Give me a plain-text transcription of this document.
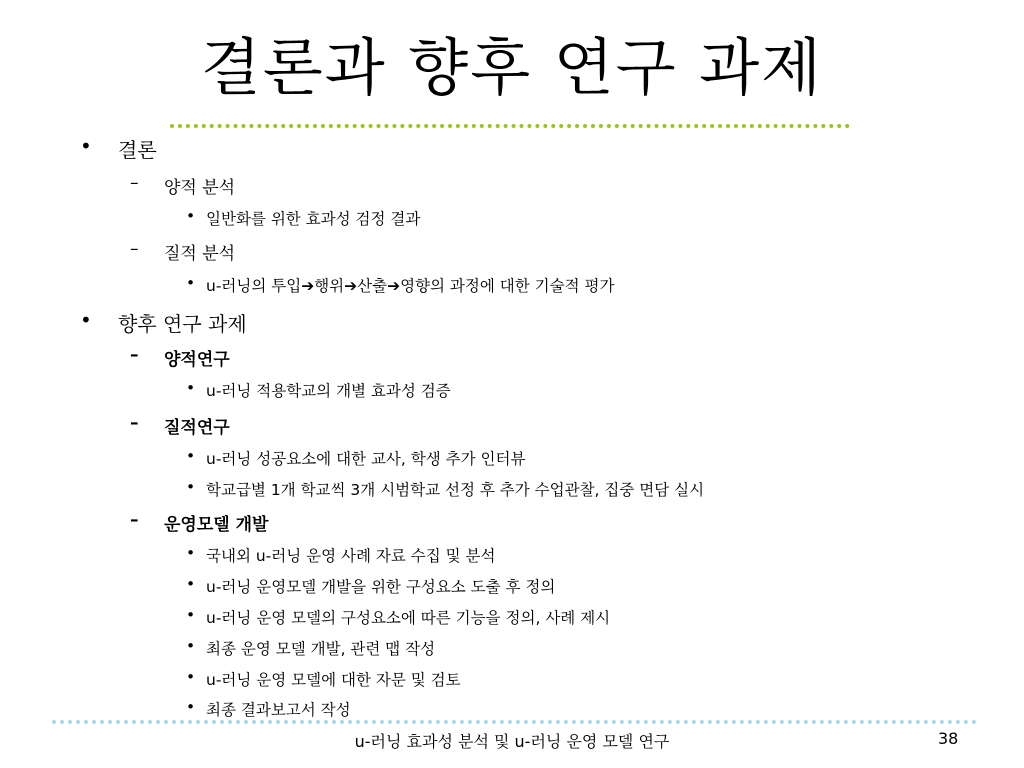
결론과 향후 연구 과제
• 결론
– 양적 분석
• 일반화를 위한 효과성 검정 결과
– 질적 분석
• u-러닝의 투입➔행위➔산출➔영향의 과정에 대한 기술적 평가
• 향후 연구 과제
– 양적연구
• u-러닝 적용학교의 개별 효과성 검증
– 질적연구
• u-러닝 성공요소에 대한 교사, 학생 추가 인터뷰
• 학교급별 1개 학교씩 3개 시범학교 선정 후 추가 수업관찰, 집중 면담 실시
– 운영모델 개발
• 국내외 u-러닝 운영 사례 자료 수집 및 분석
• u-러닝 운영모델 개발을 위한 구성요소 도출 후 정의
• u-러닝 운영 모델의 구성요소에 따른 기능을 정의, 사례 제시
• 최종 운영 모델 개발, 관련 맵 작성
• u-러닝 운영 모델에 대한 자문 및 검토
• 최종 결과보고서 작성
u-러닝 효과성 분석 및 u-러닝 운영 모델 연구	38
